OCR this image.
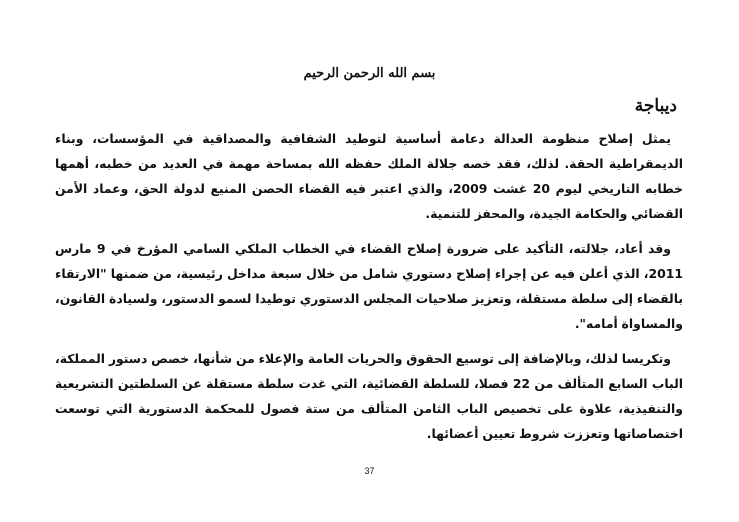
بسم الله الرحمن الرحيم
ديباجة

يمثل إصلاح منظومة العدالة دعامة أساسية لتوطيد الشفافية والمصداقية في المؤسسات، وبناء الديمقراطية الحقة. لذلك، فقد خصه جلالة الملك حفظه الله بمساحة مهمة في العديد من خطبه، أهمها خطابه التاريخي ليوم 20 غشت 2009، والذي اعتبر فيه القضاء الحصن المنيع لدولة الحق، وعماد الأمن القضائي والحكامة الجيدة، والمحفز للتنمية.

وقد أعاد، جلالته، التأكيد على ضرورة إصلاح القضاء في الخطاب الملكي السامي المؤرخ في 9 مارس 2011، الذي أعلن فيه عن إجراء إصلاح دستوري شامل من خلال سبعة مداخل رئيسية، من ضمنها "الارتقاء بالقضاء إلى سلطة مستقلة، وتعزيز صلاحيات المجلس الدستوري توطيدا لسمو الدستور، ولسيادة القانون، والمساواة أمامه".

وتكريسا لذلك، وبالإضافة إلى توسيع الحقوق والحريات العامة والإعلاء من شأنها، خصص دستور المملكة، الباب السابع المتألف من 22 فصلا، للسلطة القضائية، التي غدت سلطة مستقلة عن السلطتين التشريعية والتنفيذية، علاوة على تخصيص الباب الثامن المتألف من ستة فصول للمحكمة الدستورية التي توسعت اختصاصاتها وتعززت شروط تعيين أعضائها.

37
